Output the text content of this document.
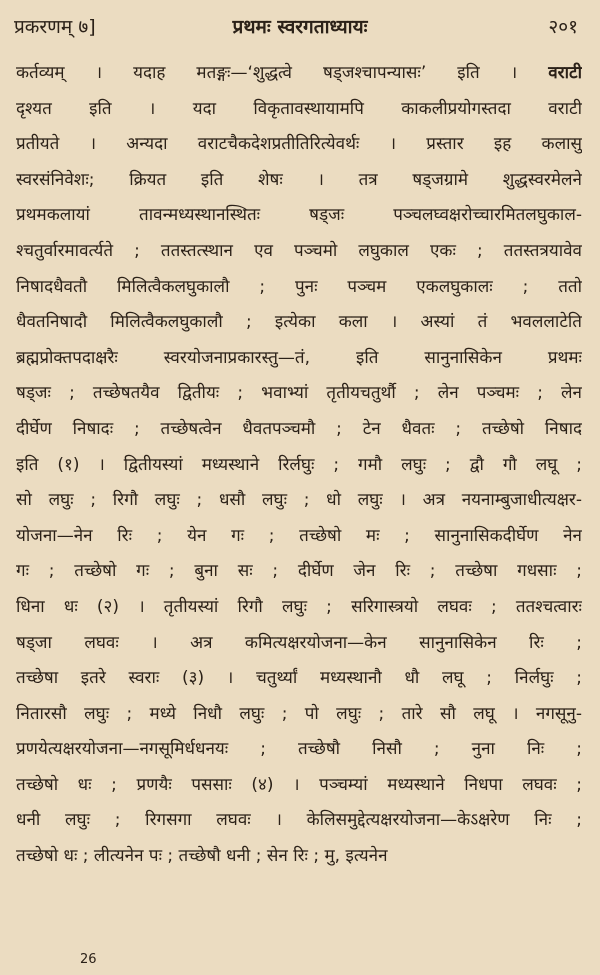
प्रकरणम् ७]	प्रथमः स्वरगताध्यायः	२०१
कर्तव्यम् । यदाह मतङ्गः—‘शुद्धत्वे षड्जश्चापन्यासः’ इति । वराटी
दृश्यत इति । यदा विकृतावस्थायामपि काकलीप्रयोगस्तदा वराटी
प्रतीयते । अन्यदा वराटचैकदेशप्रतीतिरित्येवर्थः । प्रस्तार इह कलासु
स्वरसंनिवेशः; क्रियत इति शेषः । तत्र षड्जग्रामे शुद्धस्वरमेलने
प्रथमकलायां तावन्मध्यस्थानस्थितः षड्जः पञ्चलघ्वक्षरोच्चारमितलघुकाल-
श्चतुर्वारमावर्त्यते ; ततस्तत्स्थान एव पञ्चमो लघुकाल एकः ; ततस्तत्रयावेव
निषादधैवतौ मिलित्वैकलघुकालौ ; पुनः पञ्चम एकलघुकालः ; ततो
धैवतनिषादौ मिलित्वैकलघुकालौ ; इत्येका कला । अस्यां तं भवललाटेति
ब्रह्मप्रोक्तपदाक्षरैः स्वरयोजनाप्रकारस्तु—तं, इति सानुनासिकेन प्रथमः
षड्जः ; तच्छेषतयैव द्वितीयः ; भवाभ्यां तृतीयचतुर्थौ ; लेन पञ्चमः ; लेन
दीर्घेण निषादः ; तच्छेषत्वेन धैवतपञ्चमौ ; टेन धैवतः ; तच्छेषो निषाद
इति (१) । द्वितीयस्यां मध्यस्थाने रिर्लघुः ; गमौ लघुः ; द्वौ गौ लघू ;
सो लघुः ; रिगौ लघुः ; धसौ लघुः ; धो लघुः । अत्र नयनाम्बुजाधीत्यक्षर-
योजना—नेन रिः ; येन गः ; तच्छेषो मः ; सानुनासिकदीर्घेण नेन
गः ; तच्छेषो गः ; बुना सः ; दीर्घेण जेन रिः ; तच्छेषा गधसाः ;
धिना धः (२) । तृतीयस्यां रिगौ लघुः ; सरिगास्त्रयो लघवः ; ततश्चत्वारः
षड्जा लघवः । अत्र कमित्यक्षरयोजना—केन सानुनासिकेन रिः ;
तच्छेषा इतरे स्वराः (३) । चतुर्थ्यां मध्यस्थानौ धौ लघू ; निर्लघुः ;
नितारसौ लघुः ; मध्ये निधौ लघुः ; पो लघुः ; तारे सौ लघू । नगसूनु-
प्रणयेत्यक्षरयोजना—नगसूमिर्धधनयः ; तच्छेषौ निसौ ; नुना निः ;
तच्छेषो धः ; प्रणयैः पससाः (४) । पञ्चम्यां मध्यस्थाने निधपा लघवः ;
धनी लघुः ; रिगसगा लघवः । केलिसमुद्देत्यक्षरयोजना—केऽक्षरेण निः ;
तच्छेषो धः ; लीत्यनेन पः ; तच्छेषौ धनी ; सेन रिः ; मु, इत्यनेन
26
